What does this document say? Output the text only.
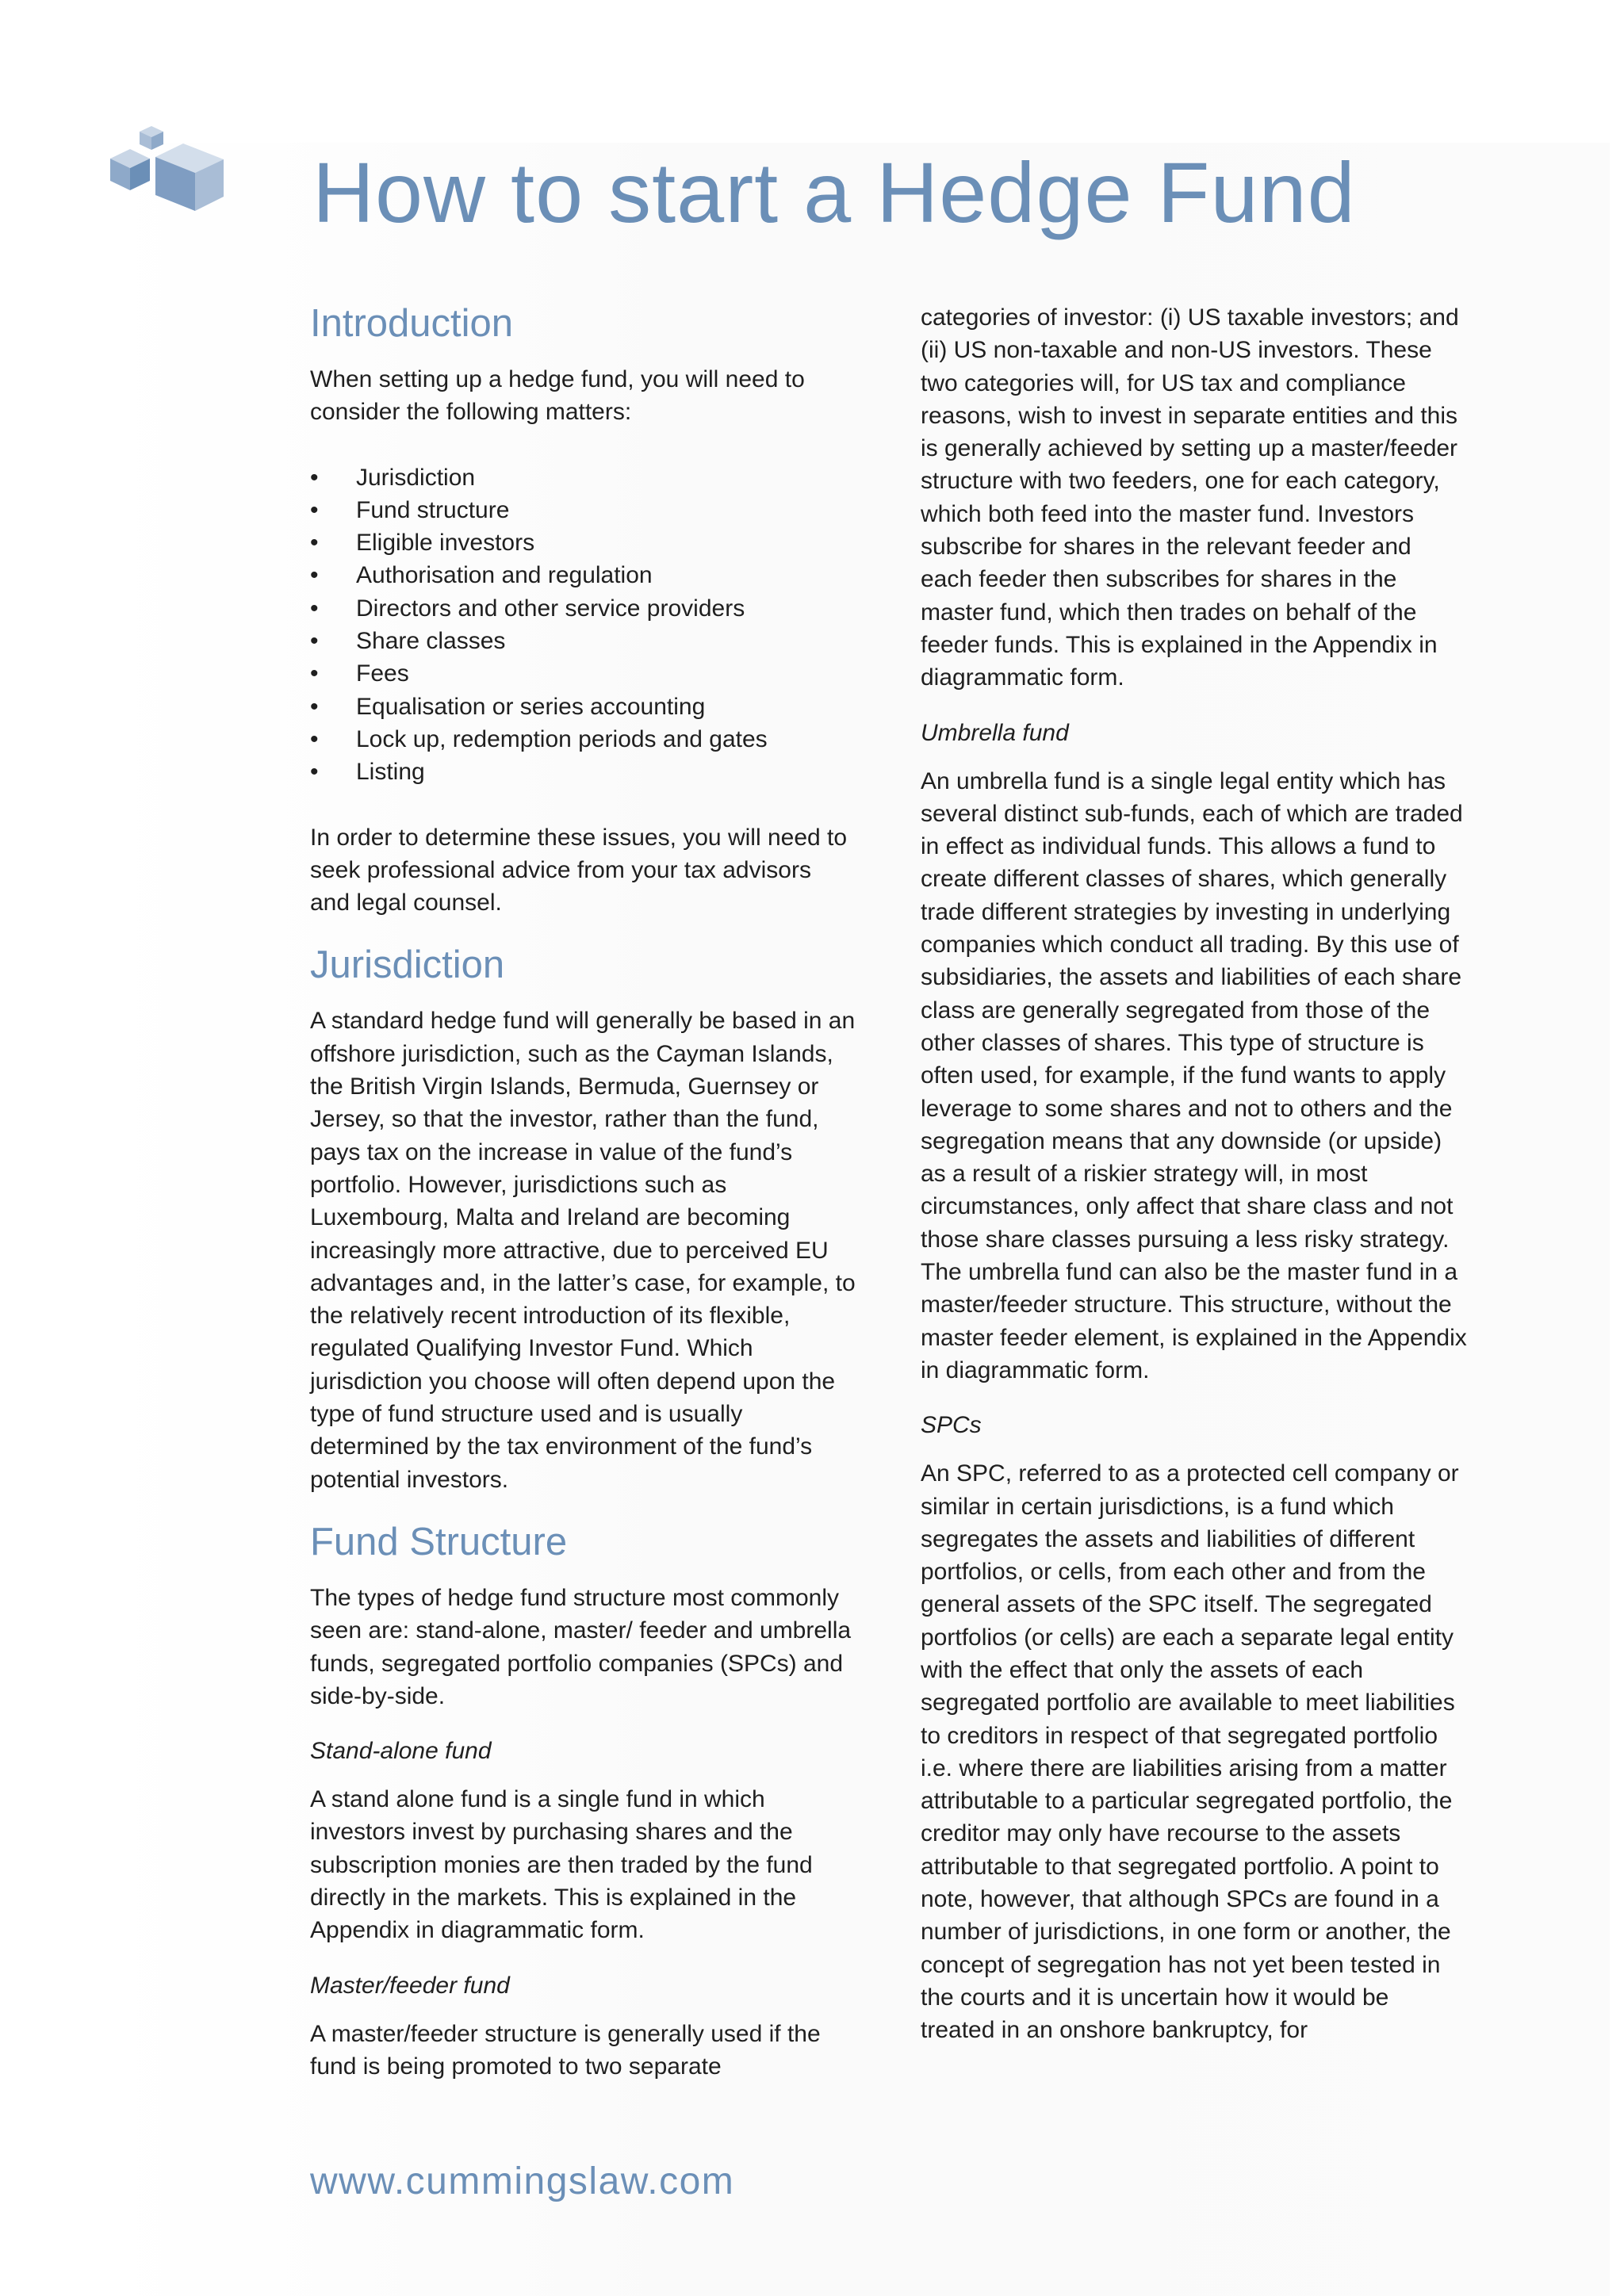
How to start a Hedge Fund
Introduction

When setting up a hedge fund, you will need to consider the following matters:

• Jurisdiction
• Fund structure
• Eligible investors
• Authorisation and regulation
• Directors and other service providers
• Share classes
• Fees
• Equalisation or series accounting
• Lock up, redemption periods and gates
• Listing

In order to determine these issues, you will need to seek professional advice from your tax advisors and legal counsel.

Jurisdiction

A standard hedge fund will generally be based in an offshore jurisdiction, such as the Cayman Islands, the British Virgin Islands, Bermuda, Guernsey or Jersey, so that the investor, rather than the fund, pays tax on the increase in value of the fund’s portfolio. However, jurisdictions such as Luxembourg, Malta and Ireland are becoming increasingly more attractive, due to perceived EU advantages and, in the latter’s case, for example, to the relatively recent introduction of its flexible, regulated Qualifying Investor Fund. Which jurisdiction you choose will often depend upon the type of fund structure used and is usually determined by the tax environment of the fund’s potential investors.

Fund Structure

The types of hedge fund structure most commonly seen are: stand-alone, master/ feeder and umbrella funds, segregated portfolio companies (SPCs) and side-by-side.

Stand-alone fund

A stand alone fund is a single fund in which investors invest by purchasing shares and the subscription monies are then traded by the fund directly in the markets. This is explained in the Appendix in diagrammatic form.

Master/feeder fund

A master/feeder structure is generally used if the fund is being promoted to two separate

categories of investor: (i) US taxable investors; and (ii) US non-taxable and non-US investors. These two categories will, for US tax and compliance reasons, wish to invest in separate entities and this is generally achieved by setting up a master/feeder structure with two feeders, one for each category, which both feed into the master fund. Investors subscribe for shares in the relevant feeder and each feeder then subscribes for shares in the master fund, which then trades on behalf of the feeder funds. This is explained in the Appendix in diagrammatic form.

Umbrella fund

An umbrella fund is a single legal entity which has several distinct sub-funds, each of which are traded in effect as individual funds. This allows a fund to create different classes of shares, which generally trade different strategies by investing in underlying companies which conduct all trading. By this use of subsidiaries, the assets and liabilities of each share class are generally segregated from those of the other classes of shares. This type of structure is often used, for example, if the fund wants to apply leverage to some shares and not to others and the segregation means that any downside (or upside) as a result of a riskier strategy will, in most circumstances, only affect that share class and not those share classes pursuing a less risky strategy. The umbrella fund can also be the master fund in a master/feeder structure. This structure, without the master feeder element, is explained in the Appendix in diagrammatic form.

SPCs

An SPC, referred to as a protected cell company or similar in certain jurisdictions, is a fund which segregates the assets and liabilities of different portfolios, or cells, from each other and from the general assets of the SPC itself. The segregated portfolios (or cells) are each a separate legal entity with the effect that only the assets of each segregated portfolio are available to meet liabilities to creditors in respect of that segregated portfolio i.e. where there are liabilities arising from a matter attributable to a particular segregated portfolio, the creditor may only have recourse to the assets attributable to that segregated portfolio. A point to note, however, that although SPCs are found in a number of jurisdictions, in one form or another, the concept of segregation has not yet been tested in the courts and it is uncertain how it would be treated in an onshore bankruptcy, for

www.cummingslaw.com
